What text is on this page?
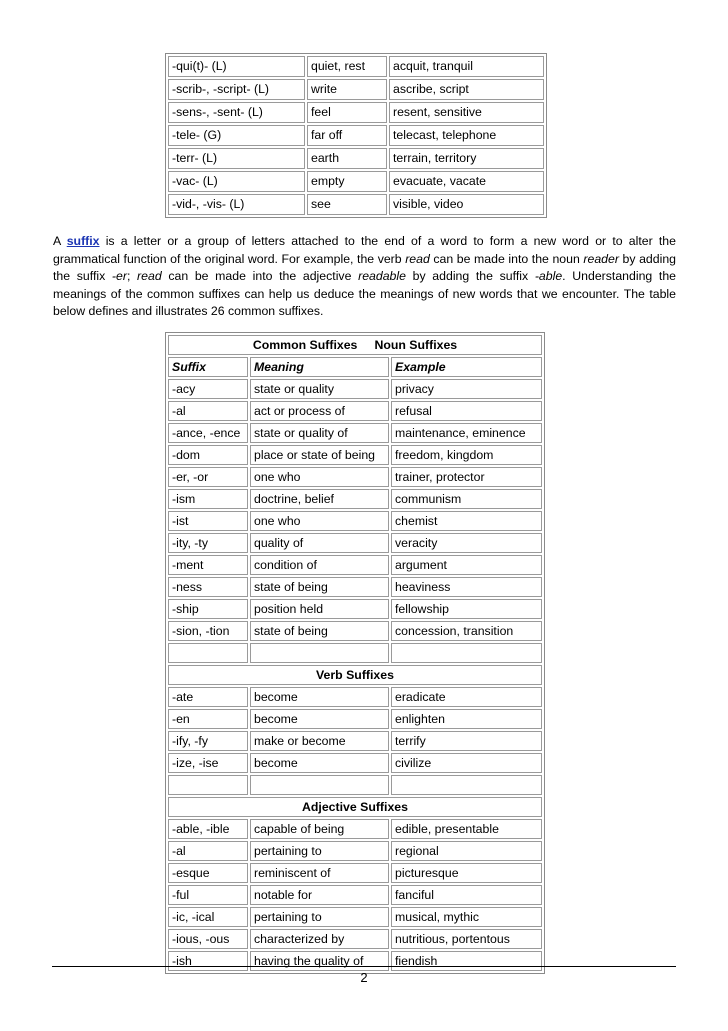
-qui(t)- (L)	quiet, rest	acquit, tranquil
-scrib-, -script- (L)	write	ascribe, script
-sens-, -sent- (L)	feel	resent, sensitive
-tele- (G)	far off	telecast, telephone
-terr- (L)	earth	terrain, territory
-vac- (L)	empty	evacuate, vacate
-vid-, -vis- (L)	see	visible, video
A suffix is a letter or a group of letters attached to the end of a word to form a new word or to alter the grammatical function of the original word. For example, the verb read can be made into the noun reader by adding the suffix -er; read can be made into the adjective readable by adding the suffix -able. Understanding the meanings of the common suffixes can help us deduce the meanings of new words that we encounter. The table below defines and illustrates 26 common suffixes.
Common Suffixes     Noun Suffixes		
Suffix	Meaning	Example
-acy	state or quality	privacy
-al	act or process of	refusal
-ance, -ence	state or quality of	maintenance, eminence
-dom	place or state of being	freedom, kingdom
-er, -or	one who	trainer, protector
-ism	doctrine, belief	communism
-ist	one who	chemist
-ity, -ty	quality of	veracity
-ment	condition of	argument
-ness	state of being	heaviness
-ship	position held	fellowship
-sion, -tion	state of being	concession, transition

Verb Suffixes		
-ate	become	eradicate
-en	become	enlighten
-ify, -fy	make or become	terrify
-ize, -ise	become	civilize

Adjective Suffixes		
-able, -ible	capable of being	edible, presentable
-al	pertaining to	regional
-esque	reminiscent of	picturesque
-ful	notable for	fanciful
-ic, -ical	pertaining to	musical, mythic
-ious, -ous	characterized by	nutritious, portentous
-ish	having the quality of	fiendish
2
